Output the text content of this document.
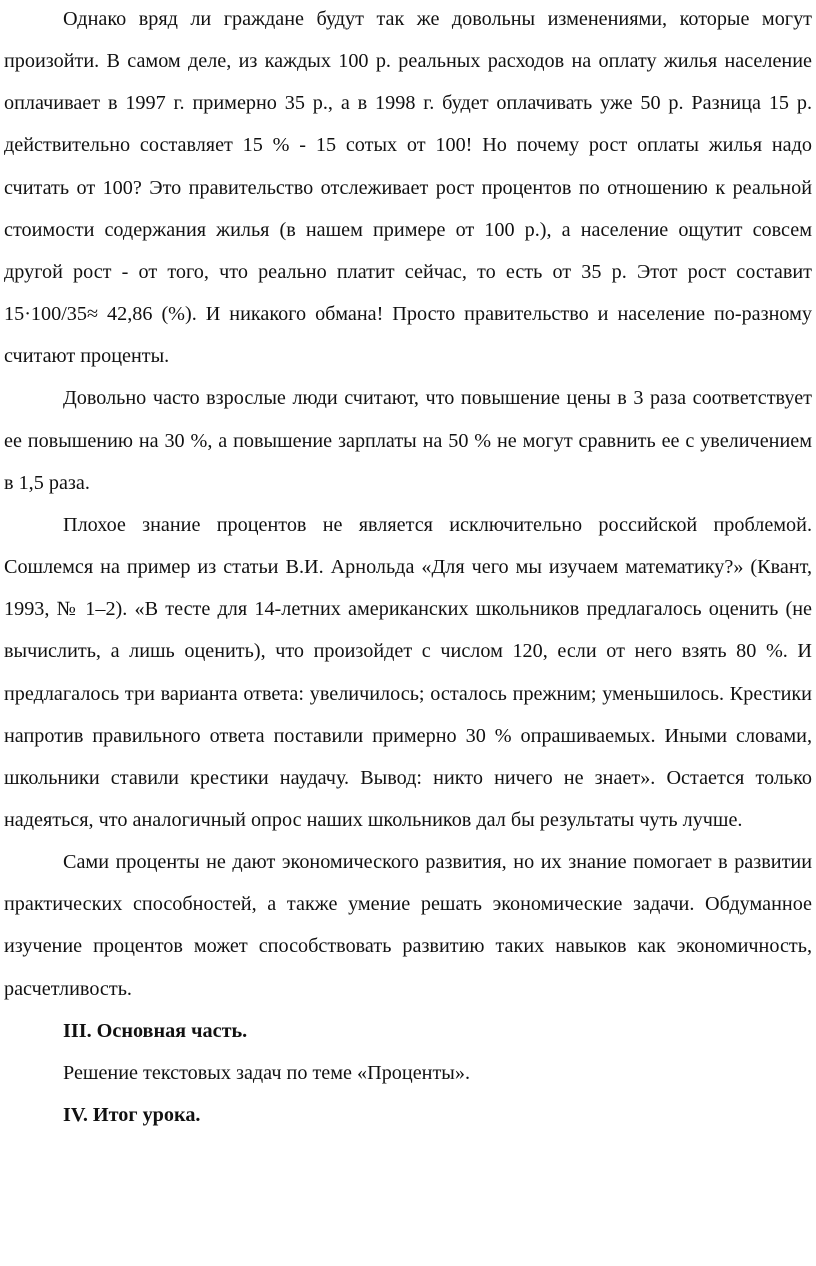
Однако вряд ли граждане будут так же довольны изменениями, которые могут произойти. В самом деле, из каждых 100 р. реальных расходов на оплату жилья население оплачивает в 1997 г. примерно 35 р., а в 1998 г. будет оплачивать уже 50 р. Разница 15 р. действительно составляет 15 % - 15 сотых от 100! Но почему рост оплаты жилья надо считать от 100? Это правительство отслеживает рост процентов по отношению к реальной стоимости содержания жилья (в нашем примере от 100 р.), а население ощутит совсем другой рост - от того, что реально платит сейчас, то есть от 35 р. Этот рост составит 15·100/35≈ 42,86 (%). И никакого обмана! Просто правительство и население по-разному считают проценты.

Довольно часто взрослые люди считают, что повышение цены в 3 раза соответствует ее повышению на 30 %, а повышение зарплаты на 50 % не могут сравнить ее с увеличением в 1,5 раза.

Плохое знание процентов не является исключительно российской проблемой. Сошлемся на пример из статьи В.И. Арнольда «Для чего мы изучаем математику?» (Квант, 1993, № 1–2). «В тесте для 14-летних американских школьников предлагалось оценить (не вычислить, а лишь оценить), что произойдет с числом 120, если от него взять 80 %. И предлагалось три варианта ответа: увеличилось; осталось прежним; уменьшилось. Крестики напротив правильного ответа поставили примерно 30 % опрашиваемых. Иными словами, школьники ставили крестики наудачу. Вывод: никто ничего не знает». Остается только надеяться, что аналогичный опрос наших школьников дал бы результаты чуть лучше.

Сами проценты не дают экономического развития, но их знание помогает в развитии практических способностей, а также умение решать экономические задачи. Обдуманное изучение процентов может способствовать развитию таких навыков как экономичность, расчетливость.

III. Основная часть.

Решение текстовых задач по теме «Проценты».

IV. Итог урока.
